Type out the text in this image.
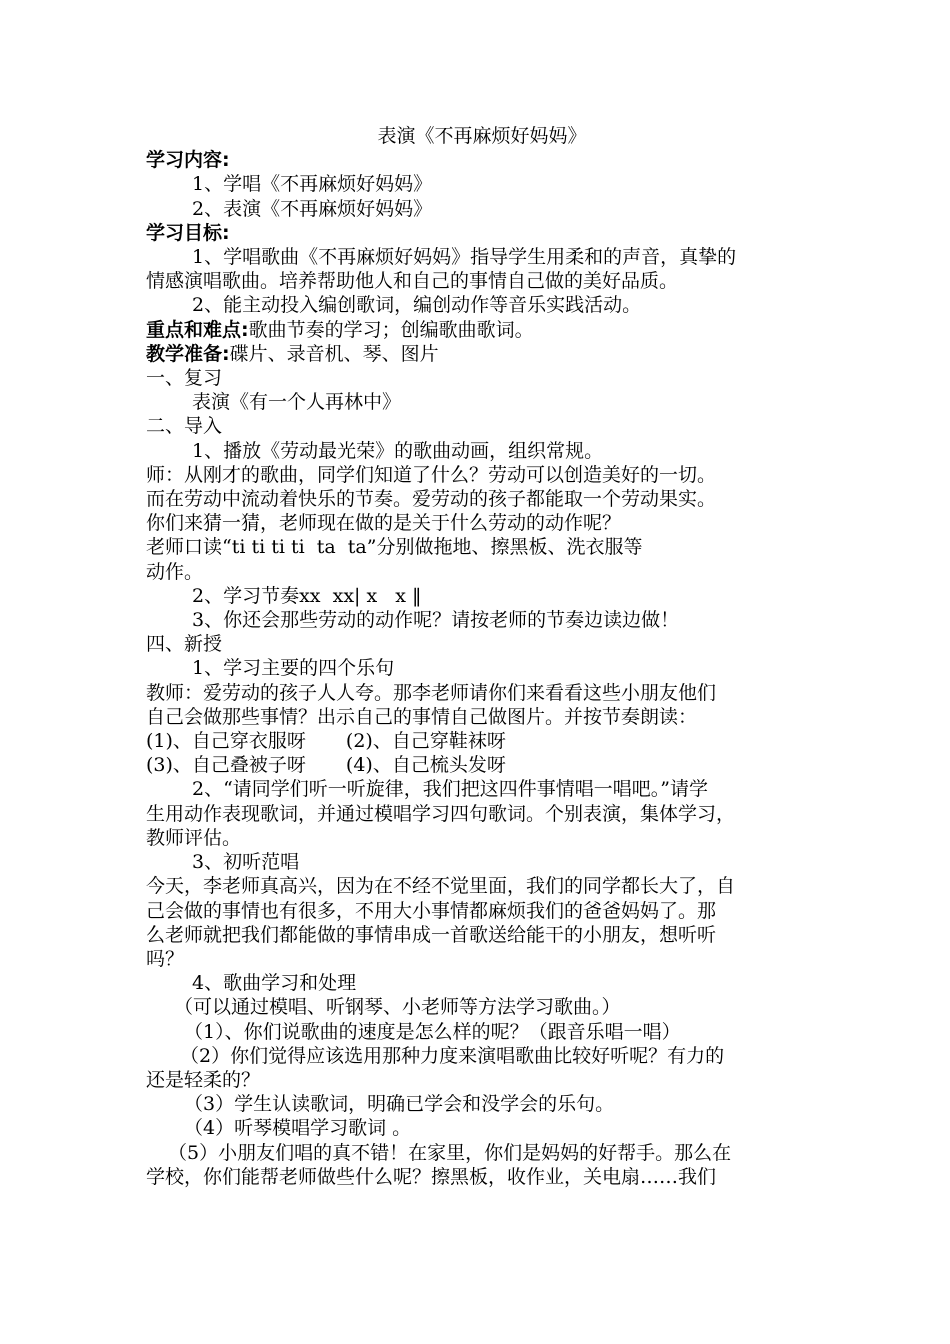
表演《不再麻烦好妈妈》

学习内容:

1、学唱《不再麻烦好妈妈》

2、表演《不再麻烦好妈妈》

学习目标:

1、学唱歌曲《不再麻烦好妈妈》指导学生用柔和的声音，真挚的

情感演唱歌曲。培养帮助他人和自己的事情自己做的美好品质。

2、能主动投入编创歌词，编创动作等音乐实践活动。

重点和难点:歌曲节奏的学习；创编歌曲歌词。

教学准备:碟片、录音机、琴、图片

一、复习

表演《有一个人再林中》

二、导入

1、播放《劳动最光荣》的歌曲动画，组织常规。

师：从刚才的歌曲，同学们知道了什么？劳动可以创造美好的一切。

而在劳动中流动着快乐的节奏。爱劳动的孩子都能取一个劳动果实。

你们来猜一猜，老师现在做的是关于什么劳动的动作呢？

老师口读“ti ti ti ti  ta  ta”分别做拖地、擦黑板、洗衣服等

动作。

2、学习节奏xx  xx| x   x ‖

3、你还会那些劳动的动作呢？请按老师的节奏边读边做！

四、新授

1、学习主要的四个乐句

教师：爱劳动的孩子人人夸。那李老师请你们来看看这些小朋友他们

自己会做那些事情？出示自己的事情自己做图片。并按节奏朗读：

(1)、自己穿衣服呀 (2)、自己穿鞋袜呀

(3)、自己叠被子呀 (4)、自己梳头发呀

2、“请同学们听一听旋律，我们把这四件事情唱一唱吧。”请学

生用动作表现歌词，并通过模唱学习四句歌词。个别表演，集体学习，

教师评估。

3、初听范唱

今天，李老师真高兴，因为在不经不觉里面，我们的同学都长大了，自

己会做的事情也有很多，不用大小事情都麻烦我们的爸爸妈妈了。那

么老师就把我们都能做的事情串成一首歌送给能干的小朋友，想听听

吗？

4、歌曲学习和处理

（可以通过模唱、听钢琴、小老师等方法学习歌曲。）

（1）、你们说歌曲的速度是怎么样的呢？（跟音乐唱一唱）

（2）你们觉得应该选用那种力度来演唱歌曲比较好听呢？有力的

还是轻柔的？

（3）学生认读歌词，明确已学会和没学会的乐句。

（4）听琴模唱学习歌词 。

（5）小朋友们唱的真不错！在家里，你们是妈妈的好帮手。那么在

学校，你们能帮老师做些什么呢？擦黑板，收作业，关电扇……我们
